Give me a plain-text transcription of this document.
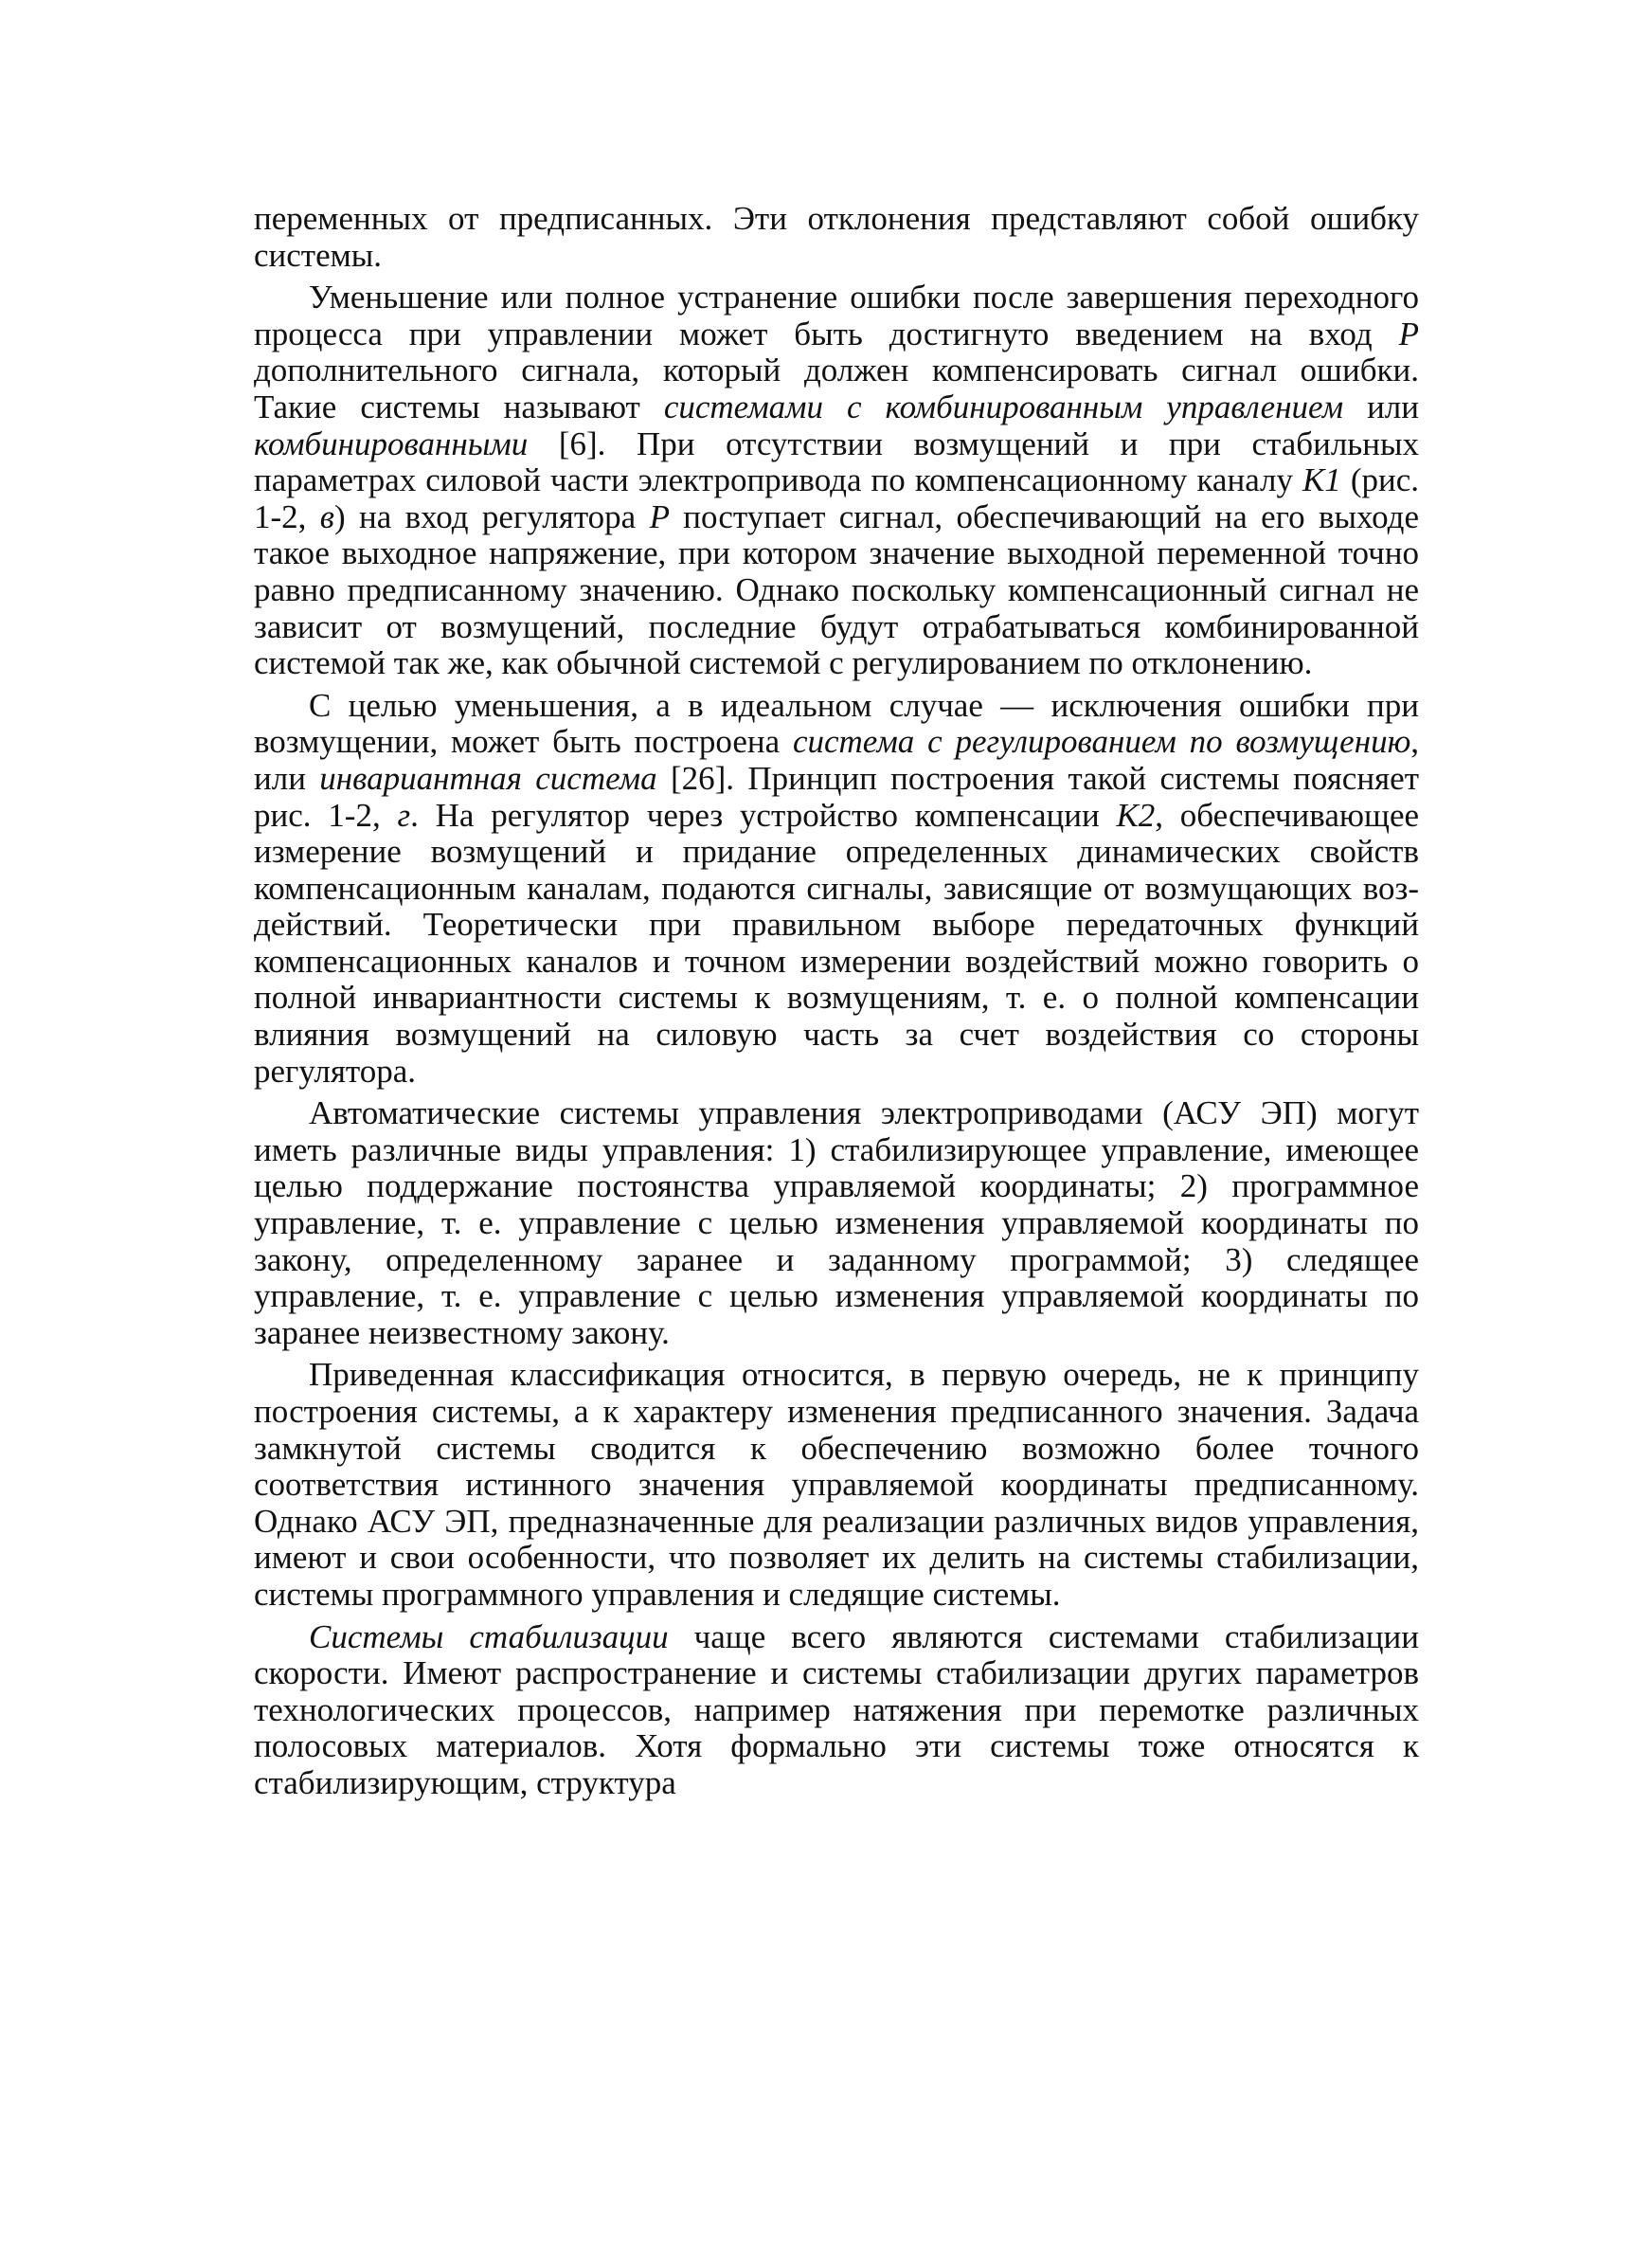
переменных от предписанных. Эти отклонения представляют собой ошибку системы.

Уменьшение или полное устранение ошибки после завершения переходного процесса при управлении может быть достигнуто введением на вход Р дополнительного сигнала, который должен компенсировать сигнал ошибки. Такие системы называют системами с комбинированным управлением или комбинированными [6]. При отсутствии возмущений и при стабильных параметрах силовой части электропривода по компенсационному каналу К1 (рис. 1-2, в) на вход регулятора Р поступает сигнал, обеспечивающий на его выходе такое выходное напряжение, при котором значение выходной переменной точно равно предписанному значению. Однако поскольку компенсационный сигнал не зависит от возмущений, последние будут отрабатываться комбинированной системой так же, как обычной системой с регулированием по отклонению.

С целью уменьшения, а в идеальном случае — исключения ошибки при возмущении, может быть построена система с регулированием по возмущению, или инвариантная система [26]. Принцип построения такой системы поясняет рис. 1-2, г. На регулятор через устройство компенсации К2, обеспечивающее измерение возмущений и придание определенных динамических свойств компенсационным каналам, подаются сигналы, зависящие от возмущающих воздействий. Теоретически при правильном выборе передаточных функций компенсационных каналов и точном измерении воздействий можно говорить о полной инвариантности системы к возмущениям, т. е. о полной компенсации влияния возмущений на силовую часть за счет воздействия со стороны регулятора.

Автоматические системы управления электроприводами (АСУ ЭП) могут иметь различные виды управления: 1) стабилизирующее управление, имеющее целью поддержание постоянства управляемой координаты; 2) программное управление, т. е. управление с целью изменения управляемой координаты по закону, определенному заранее и заданному программой; 3) следящее управление, т. е. управление с целью изменения управляемой координаты по заранее неизвестному закону.

Приведенная классификация относится, в первую очередь, не к принципу построения системы, а к характеру изменения предписанного значения. Задача замкнутой системы сводится к обеспечению возможно более точного соответствия истинного значения управляемой координаты предписанному. Однако АСУ ЭП, предназначенные для реализации различных видов управления, имеют и свои особенности, что позволяет их делить на системы стабилизации, системы программного управления и следящие системы.

Системы стабилизации чаще всего являются системами стабилизации скорости. Имеют распространение и системы стабилизации других параметров технологических процессов, например натяжения при перемотке различных полосовых материалов. Хотя формально эти системы тоже относятся к стабилизирующим, структура
